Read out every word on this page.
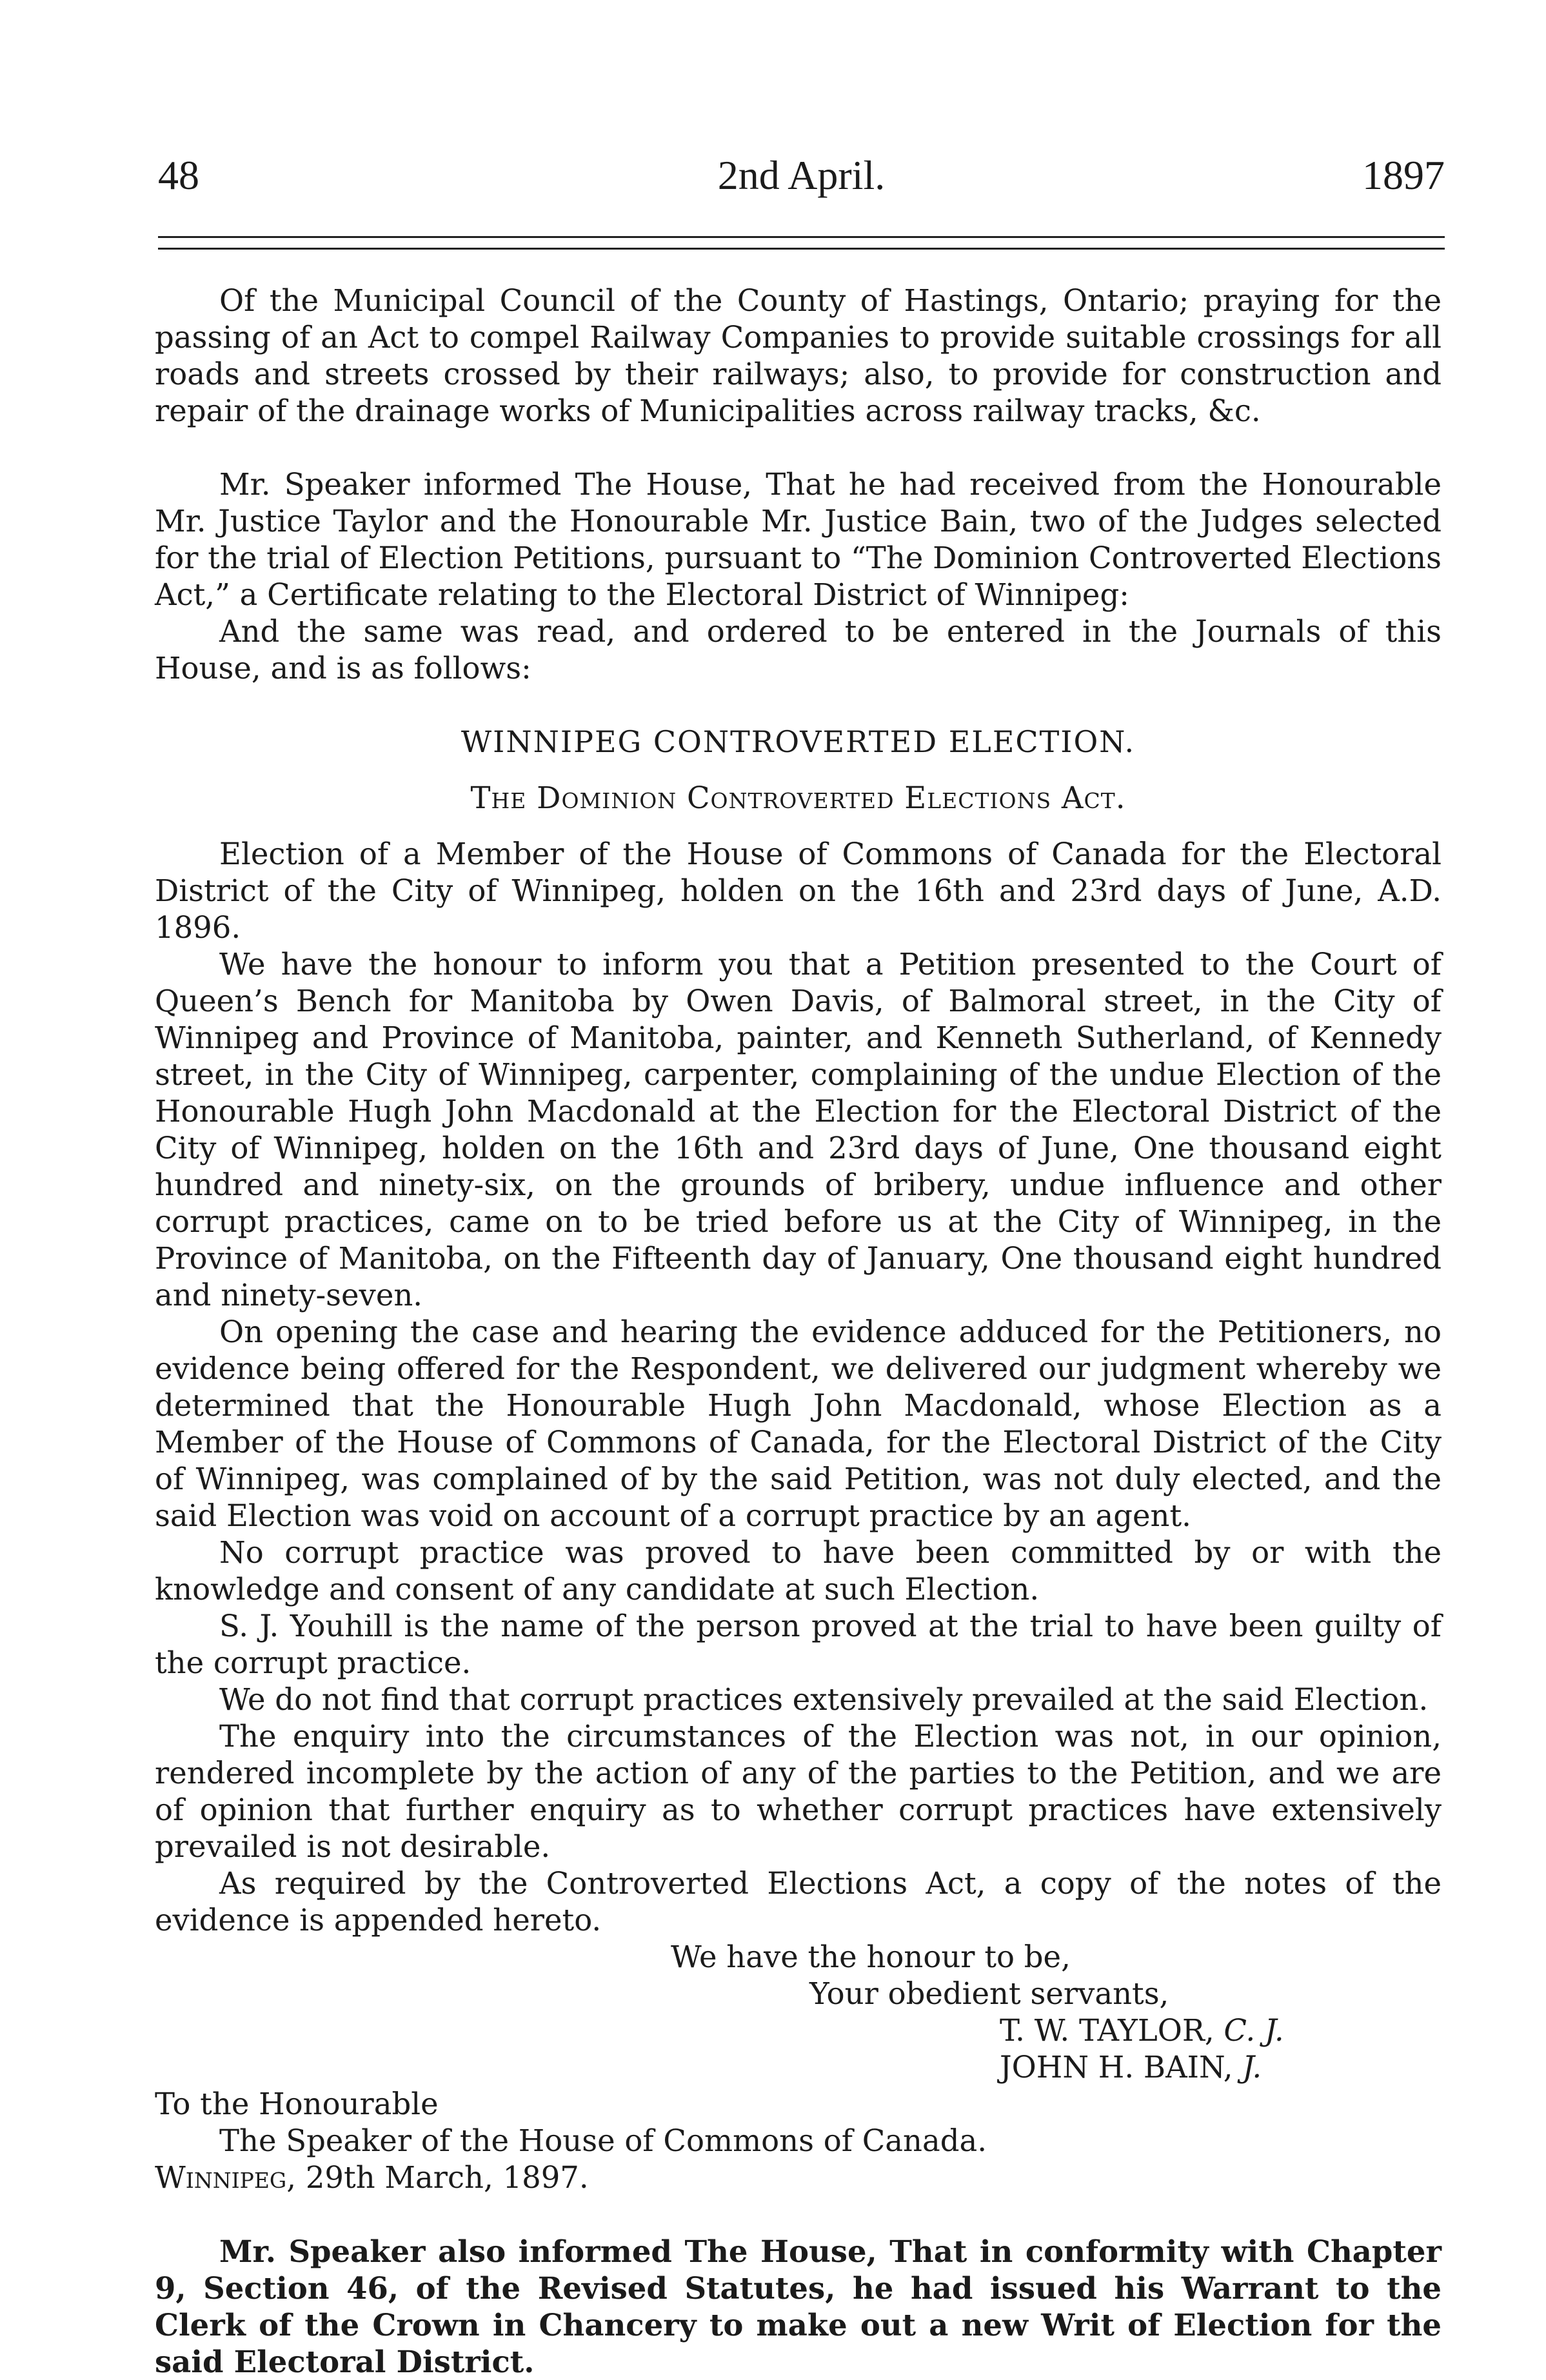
48	2nd April.	1897

Of the Municipal Council of the County of Hastings, Ontario; praying for the passing of an Act to compel Railway Companies to provide suitable crossings for all roads and streets crossed by their railways; also, to provide for construction and repair of the drainage works of Municipalities across railway tracks, &c.

Mr. Speaker informed The House, That he had received from the Honourable Mr. Justice Taylor and the Honourable Mr. Justice Bain, two of the Judges selected for the trial of Election Petitions, pursuant to “The Dominion Controverted Elections Act,” a Certificate relating to the Electoral District of Winnipeg:

And the same was read, and ordered to be entered in the Journals of this House, and is as follows:

WINNIPEG CONTROVERTED ELECTION.

The Dominion Controverted Elections Act.

Election of a Member of the House of Commons of Canada for the Electoral District of the City of Winnipeg, holden on the 16th and 23rd days of June, A.D. 1896.

We have the honour to inform you that a Petition presented to the Court of Queen’s Bench for Manitoba by Owen Davis, of Balmoral street, in the City of Winnipeg and Province of Manitoba, painter, and Kenneth Sutherland, of Kennedy street, in the City of Winnipeg, carpenter, complaining of the undue Election of the Honourable Hugh John Macdonald at the Election for the Electoral District of the City of Winnipeg, holden on the 16th and 23rd days of June, One thousand eight hundred and ninety-six, on the grounds of bribery, undue influence and other corrupt practices, came on to be tried before us at the City of Winnipeg, in the Province of Manitoba, on the Fifteenth day of January, One thousand eight hundred and ninety-seven.

On opening the case and hearing the evidence adduced for the Petitioners, no evidence being offered for the Respondent, we delivered our judgment whereby we determined that the Honourable Hugh John Macdonald, whose Election as a Member of the House of Commons of Canada, for the Electoral District of the City of Winnipeg, was complained of by the said Petition, was not duly elected, and the said Election was void on account of a corrupt practice by an agent.

No corrupt practice was proved to have been committed by or with the knowledge and consent of any candidate at such Election.

S. J. Youhill is the name of the person proved at the trial to have been guilty of the corrupt practice.

We do not find that corrupt practices extensively prevailed at the said Election.

The enquiry into the circumstances of the Election was not, in our opinion, rendered incomplete by the action of any of the parties to the Petition, and we are of opinion that further enquiry as to whether corrupt practices have extensively prevailed is not desirable.

As required by the Controverted Elections Act, a copy of the notes of the evidence is appended hereto.

We have the honour to be,

Your obedient servants,

T. W. TAYLOR, C. J.

JOHN H. BAIN, J.

To the Honourable

The Speaker of the House of Commons of Canada.

Winnipeg, 29th March, 1897.

Mr. Speaker also informed The House, That in conformity with Chapter 9, Section 46, of the Revised Statutes, he had issued his Warrant to the Clerk of the Crown in Chancery to make out a new Writ of Election for the said Electoral District.
